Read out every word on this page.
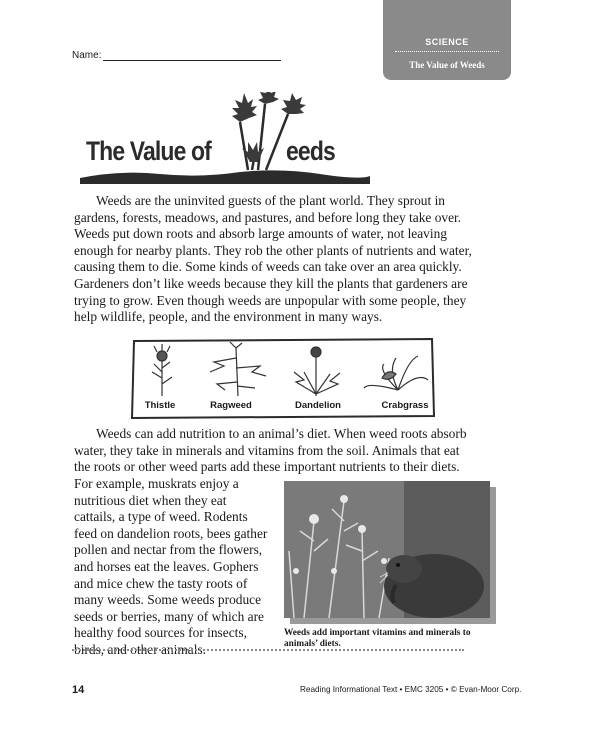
SCIENCE
The Value of Weeds
Name:
The Value of	eeds
Weeds are the uninvited guests of the plant world. They sprout in
gardens, forests, meadows, and pastures, and before long they take over.
Weeds put down roots and absorb large amounts of water, not leaving
enough for nearby plants. They rob the other plants of nutrients and water,
causing them to die. Some kinds of weeds can take over an area quickly.
Gardeners don’t like weeds because they kill the plants that gardeners are
trying to grow. Even though weeds are unpopular with some people, they
help wildlife, people, and the environment in many ways.
Thistle	Ragweed	Dandelion	Crabgrass
Weeds can add nutrition to an animal’s diet. When weed roots absorb
water, they take in minerals and vitamins from the soil. Animals that eat
the roots or other weed parts add these important nutrients to their diets.
For example, muskrats enjoy a
nutritious diet when they eat
cattails, a type of weed. Rodents
feed on dandelion roots, bees gather
pollen and nectar from the flowers,
and horses eat the leaves. Gophers
and mice chew the tasty roots of
many weeds. Some weeds produce
seeds or berries, many of which are
healthy food sources for insects,
birds, and other animals.
Weeds add important vitamins and minerals to animals’ diets.
14	Reading Informational Text • EMC 3205 • © Evan-Moor Corp.
